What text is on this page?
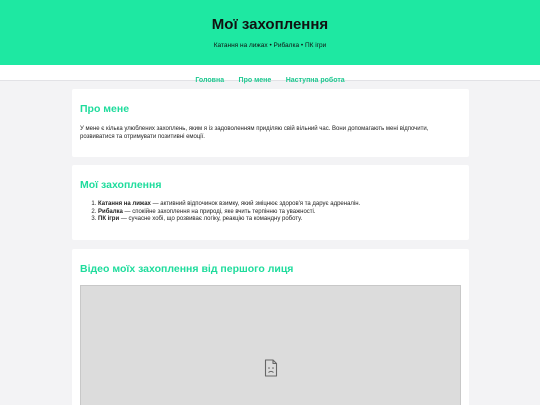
Мої захоплення
Катання на лижах • Рибалка • ПК ігри
Головна Про мене Наступна робота
Про мене

У мене є кілька улюблених захоплень, яким я із задоволенням приділяю свій вільний час. Вони допомагають мені відпочити, розвиватися та отримувати позитивні емоції.

Мої захоплення
1. Катання на лижах — активний відпочинок взимку, який зміцнює здоров'я та дарує адреналін.
2. Рибалка — спокійне захоплення на природі, яке вчить терпінню та уважності.
3. ПК ігри — сучасне хобі, що розвиває логіку, реакцію та командну роботу.
Відео моїх захоплення від першого лиця
